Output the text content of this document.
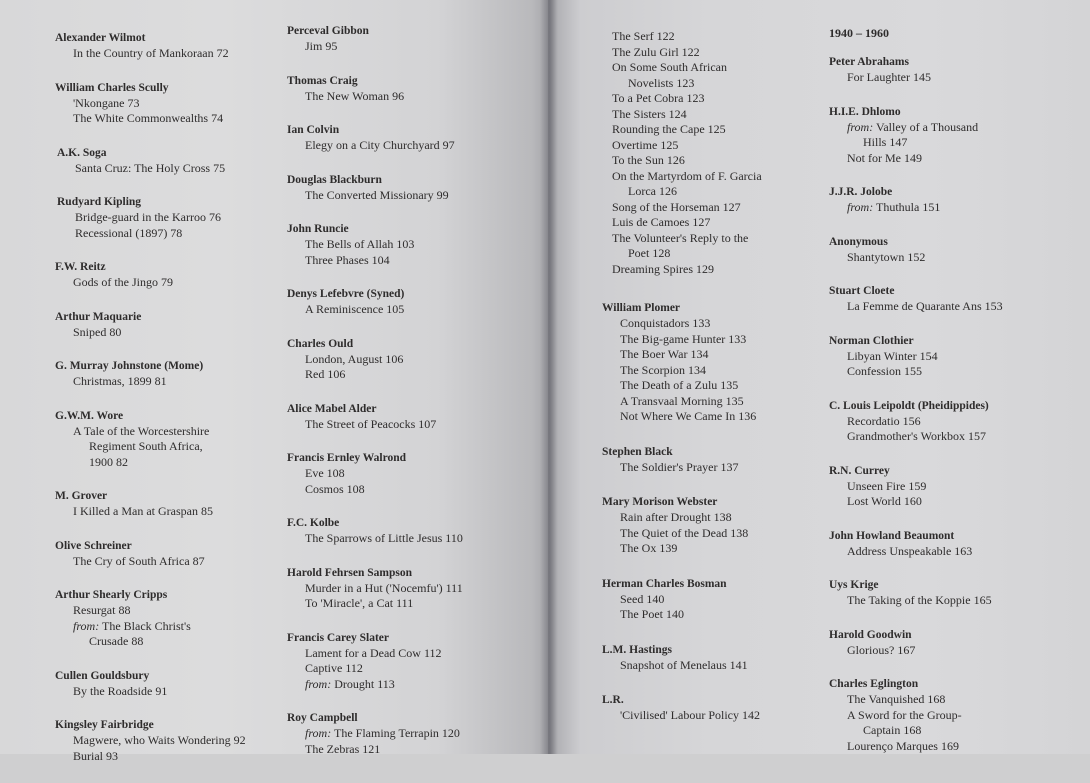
Alexander Wilmot
In the Country of Mankoraan 72
William Charles Scully
'Nkongane 73
The White Commonwealths 74
A.K. Soga
Santa Cruz: The Holy Cross 75
Rudyard Kipling
Bridge-guard in the Karroo 76
Recessional (1897) 78
F.W. Reitz
Gods of the Jingo 79
Arthur Maquarie
Sniped 80
G. Murray Johnstone (Mome)
Christmas, 1899 81
G.W.M. Wore
A Tale of the Worcestershire
Regiment South Africa,
1900 82
M. Grover
I Killed a Man at Graspan 85
Olive Schreiner
The Cry of South Africa 87
Arthur Shearly Cripps
Resurgat 88
from: The Black Christ's
Crusade 88
Cullen Gouldsbury
By the Roadside 91
Kingsley Fairbridge
Magwere, who Waits Wondering 92
Burial 93
Perceval Gibbon
Jim 95
Thomas Craig
The New Woman 96
Ian Colvin
Elegy on a City Churchyard 97
Douglas Blackburn
The Converted Missionary 99
John Runcie
The Bells of Allah 103
Three Phases 104
Denys Lefebvre (Syned)
A Reminiscence 105
Charles Ould
London, August 106
Red 106
Alice Mabel Alder
The Street of Peacocks 107
Francis Ernley Walrond
Eve 108
Cosmos 108
F.C. Kolbe
The Sparrows of Little Jesus 110
Harold Fehrsen Sampson
Murder in a Hut ('Nocemfu') 111
To 'Miracle', a Cat 111
Francis Carey Slater
Lament for a Dead Cow 112
Captive 112
from: Drought 113
Roy Campbell
from: The Flaming Terrapin 120
The Zebras 121
The Serf 122
The Zulu Girl 122
On Some South African
Novelists 123
To a Pet Cobra 123
The Sisters 124
Rounding the Cape 125
Overtime 125
To the Sun 126
On the Martyrdom of F. Garcia
Lorca 126
Song of the Horseman 127
Luis de Camoes 127
The Volunteer's Reply to the
Poet 128
Dreaming Spires 129
William Plomer
Conquistadors 133
The Big-game Hunter 133
The Boer War 134
The Scorpion 134
The Death of a Zulu 135
A Transvaal Morning 135
Not Where We Came In 136
Stephen Black
The Soldier's Prayer 137
Mary Morison Webster
Rain after Drought 138
The Quiet of the Dead 138
The Ox 139
Herman Charles Bosman
Seed 140
The Poet 140
L.M. Hastings
Snapshot of Menelaus 141
L.R.
'Civilised' Labour Policy 142
1940 – 1960
Peter Abrahams
For Laughter 145
H.I.E. Dhlomo
from: Valley of a Thousand
Hills 147
Not for Me 149
J.J.R. Jolobe
from: Thuthula 151
Anonymous
Shantytown 152
Stuart Cloete
La Femme de Quarante Ans 153
Norman Clothier
Libyan Winter 154
Confession 155
C. Louis Leipoldt (Pheidippides)
Recordatio 156
Grandmother's Workbox 157
R.N. Currey
Unseen Fire 159
Lost World 160
John Howland Beaumont
Address Unspeakable 163
Uys Krige
The Taking of the Koppie 165
Harold Goodwin
Glorious? 167
Charles Eglington
The Vanquished 168
A Sword for the Group-
Captain 168
Lourenço Marques 169
